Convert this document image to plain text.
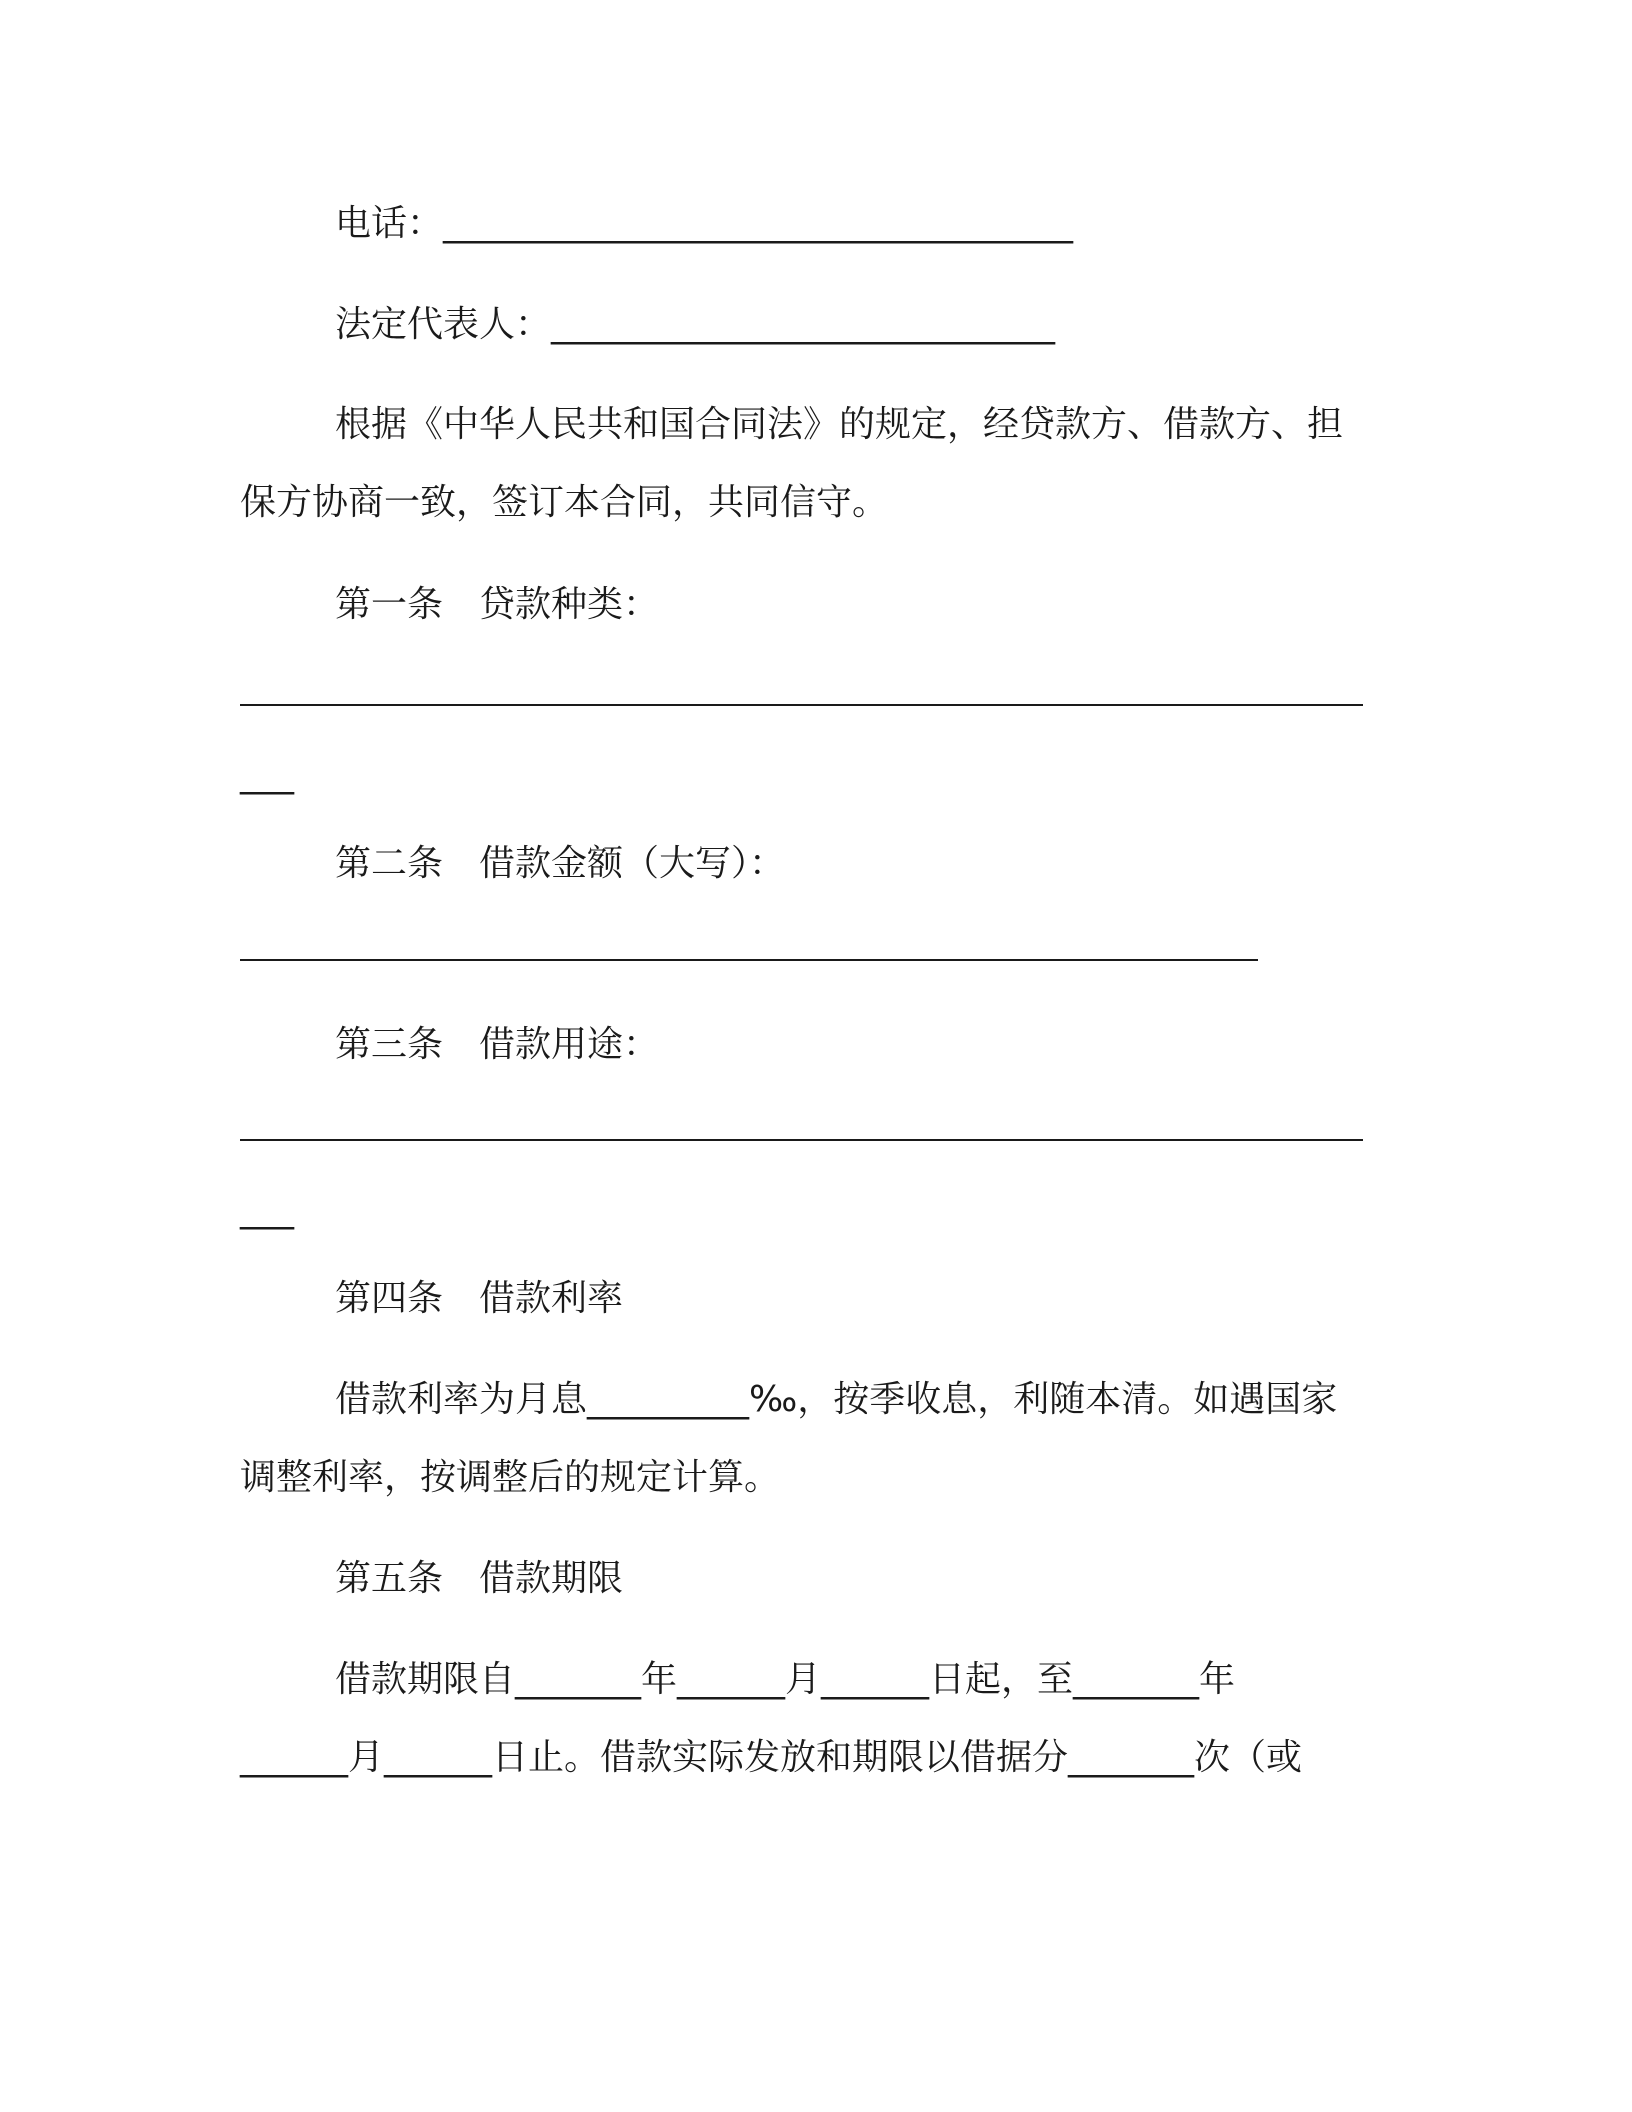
电话：___________________________________
法定代表人：____________________________
根据《中华人民共和国合同法》的规定，经贷款方、借款方、担
保方协商一致，签订本合同，共同信守。
第一条　贷款种类：
___
第二条　借款金额（大写）：
第三条　借款用途：
___
第四条　借款利率
借款利率为月息_________‰，按季收息，利随本清。如遇国家
调整利率，按调整后的规定计算。
第五条　借款期限
借款期限自_______年______月______日起，至_______年
______月______日止。借款实际发放和期限以借据分_______次（或
